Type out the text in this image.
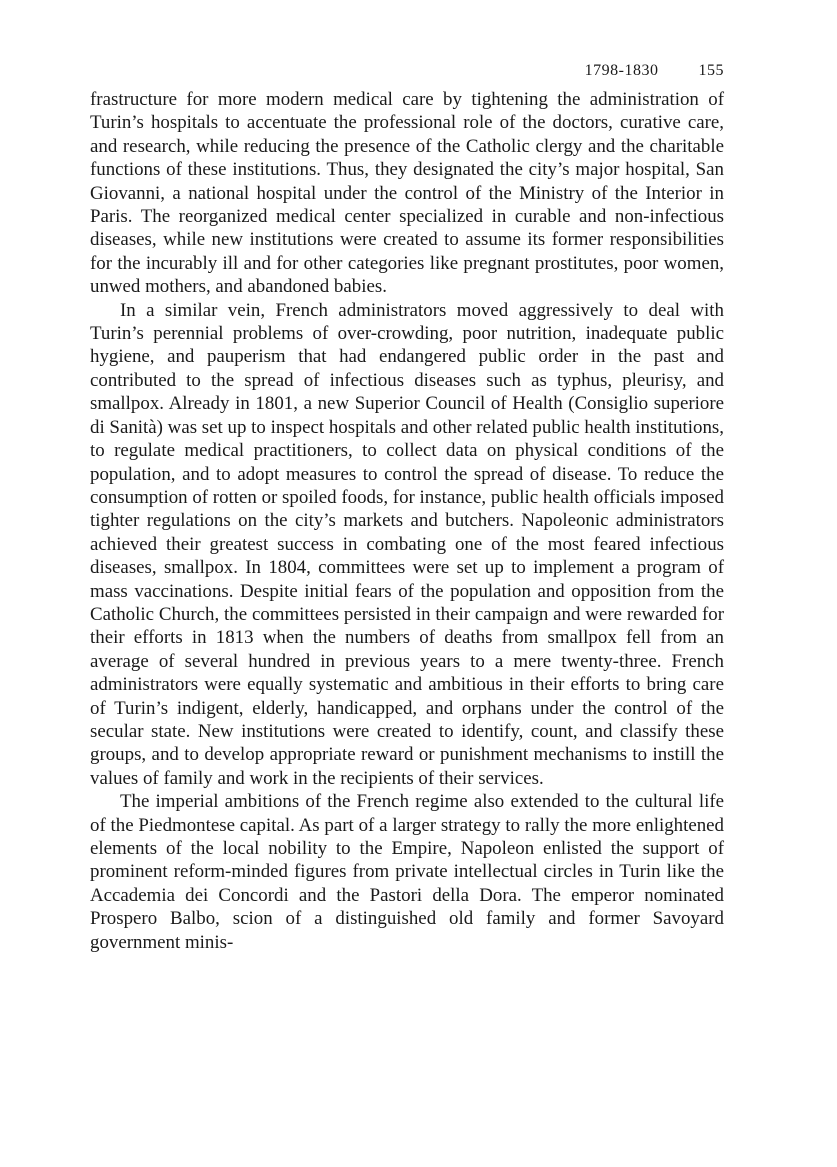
1798-1830	155

frastructure for more modern medical care by tightening the administration of Turin’s hospitals to accentuate the professional role of the doctors, curative care, and research, while reducing the presence of the Catholic clergy and the charitable functions of these institutions. Thus, they designated the city’s major hospital, San Giovanni, a national hospital under the control of the Ministry of the Interior in Paris. The reorganized medical center specialized in curable and non-infectious diseases, while new institutions were created to assume its former responsibilities for the incurably ill and for other categories like pregnant prostitutes, poor women, unwed mothers, and abandoned babies.

In a similar vein, French administrators moved aggressively to deal with Turin’s perennial problems of over-crowding, poor nutrition, inadequate public hygiene, and pauperism that had endangered public order in the past and contributed to the spread of infectious diseases such as typhus, pleurisy, and smallpox. Already in 1801, a new Superior Council of Health (Consiglio superiore di Sanità) was set up to inspect hospitals and other related public health institutions, to regulate medical practitioners, to collect data on physical conditions of the population, and to adopt measures to control the spread of disease. To reduce the consumption of rotten or spoiled foods, for instance, public health officials imposed tighter regulations on the city’s markets and butchers. Napoleonic administrators achieved their greatest success in combating one of the most feared infectious diseases, smallpox. In 1804, committees were set up to implement a program of mass vaccinations. Despite initial fears of the population and opposition from the Catholic Church, the committees persisted in their campaign and were rewarded for their efforts in 1813 when the numbers of deaths from smallpox fell from an average of several hundred in previous years to a mere twenty-three. French administrators were equally systematic and ambitious in their efforts to bring care of Turin’s indigent, elderly, handicapped, and orphans under the control of the secular state. New institutions were created to identify, count, and classify these groups, and to develop appropriate reward or punishment mechanisms to instill the values of family and work in the recipients of their services.

The imperial ambitions of the French regime also extended to the cultural life of the Piedmontese capital. As part of a larger strategy to rally the more enlightened elements of the local nobility to the Empire, Napoleon enlisted the support of prominent reform-minded figures from private intellectual circles in Turin like the Accademia dei Concordi and the Pastori della Dora. The emperor nominated Prospero Balbo, scion of a distinguished old family and former Savoyard government minis-
